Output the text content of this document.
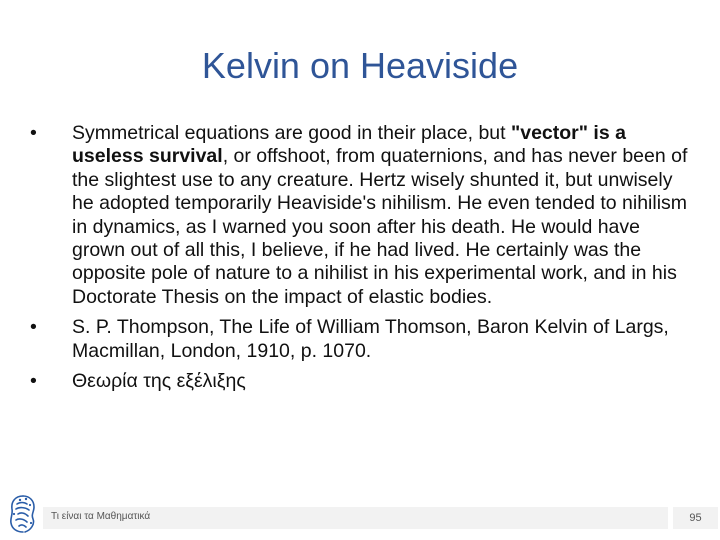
Kelvin on Heaviside
•	Symmetrical equations are good in their place, but "vector" is a useless survival, or offshoot, from quaternions, and has never been of the slightest use to any creature. Hertz wisely shunted it, but unwisely he adopted temporarily Heaviside's nihilism. He even tended to nihilism in dynamics, as I warned you soon after his death. He would have grown out of all this, I believe, if he had lived. He certainly was the opposite pole of nature to a nihilist in his experimental work, and in his Doctorate Thesis on the impact of elastic bodies.
•	S. P. Thompson, The Life of William Thomson, Baron Kelvin of Largs, Macmillan, London, 1910, p. 1070.
•	Θεωρία της εξέλιξης
Τι είναι τα Μαθηματικά	95
